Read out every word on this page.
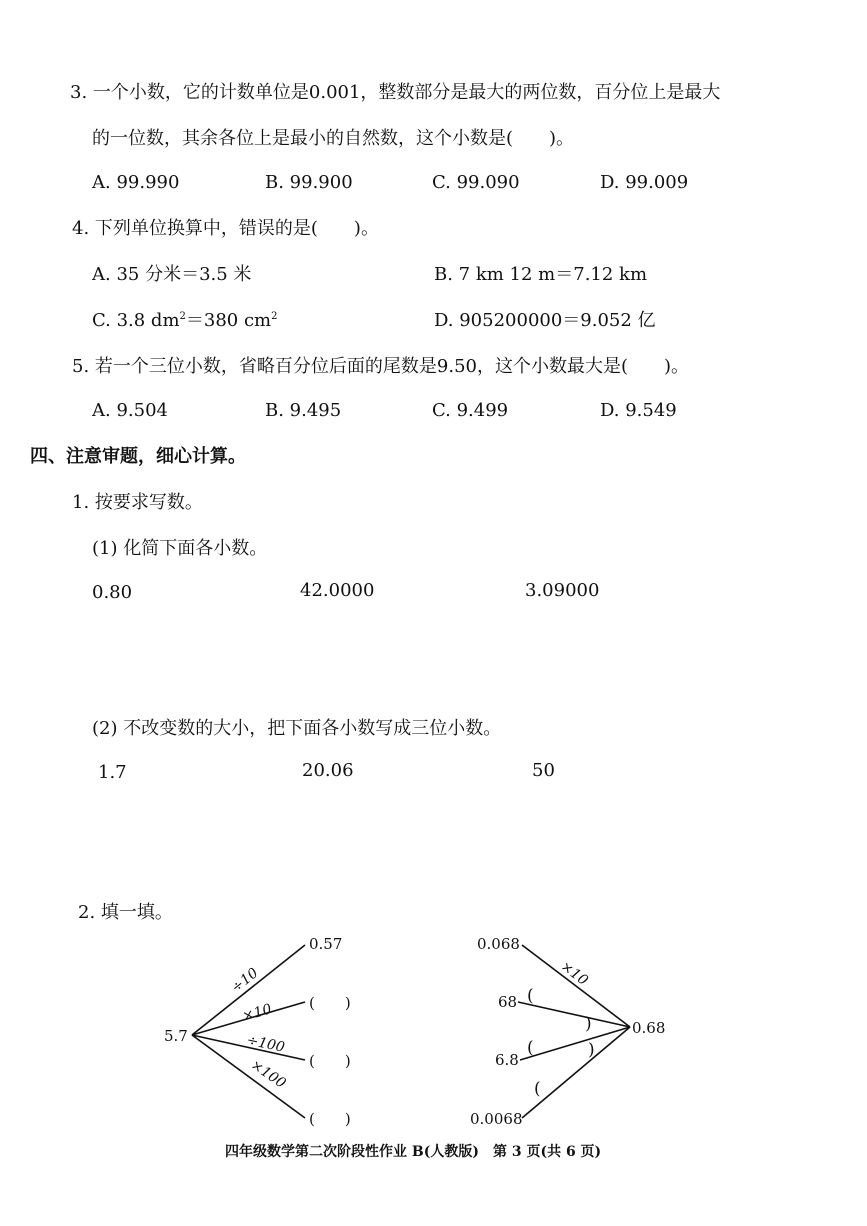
3. 一个小数，它的计数单位是0.001，整数部分是最大的两位数，百分位上是最大
的一位数，其余各位上是最小的自然数，这个小数是(　　)。
A. 99.990	B. 99.900	C. 99.090	D. 99.009
4. 下列单位换算中，错误的是(　　)。
A. 35 分米＝3.5 米	B. 7 km 12 m＝7.12 km
C. 3.8 $dm^2=380$ $cm^2$	D. 905200000＝9.052 亿
5. 若一个三位小数，省略百分位后面的尾数是9.50，这个小数最大是(　　)。
A. 9.504	B. 9.495	C. 9.499	D. 9.549
四、注意审题，细心计算。
1. 按要求写数。
(1) 化简下面各小数。
0.80	42.0000	3.09000
(2) 不改变数的大小，把下面各小数写成三位小数。
1.7	20.06	50
2. 填一填。
5.7
0.57
(　　)
(　　)
(　　)
÷10
×10
÷100
×100
0.68
0.068
68
6.8
0.0068
×10
(
)
(	)
(
四年级数学第二次阶段性作业 B(人教版)　第 3 页(共 6 页)
